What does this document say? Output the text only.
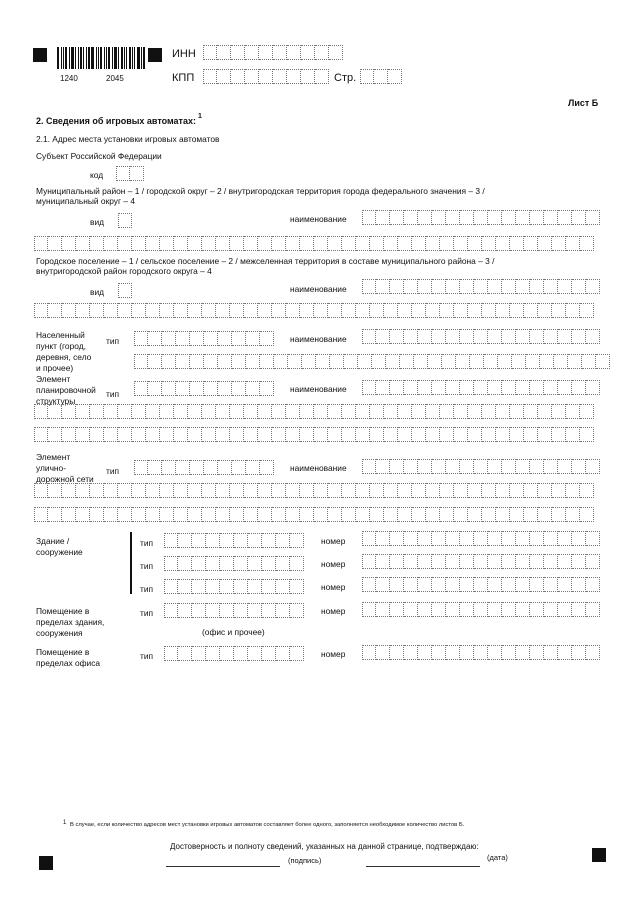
1240	2045
ИНН
КПП	Стр.
Лист Б
2. Сведения об игровых автоматах: 1
2.1. Адрес места установки игровых автоматов
Субъект Российской Федерации
код
Муниципальный район – 1 / городской округ – 2 / внутригородская территория города федерального значения – 3 /
муниципальный округ – 4
вид	наименование
Городское поселение – 1 / сельское поселение – 2 / межселенная территория в составе муниципального района – 3 /
внутригородской район городского округа – 4
вид	наименование
Населенный
пункт (город,
деревня, село
и прочее)
тип	наименование
Элемент
планировочной
структуры
тип	наименование
Элемент
улично-
дорожной сети
тип	наименование
Здание /
сооружение
тип	номер
тип	номер
тип	номер
Помещение в
пределах здания,
сооружения
тип	номер
(офис и прочее)
Помещение в
пределах офиса
тип	номер
1 В случае, если количество адресов мест установки игровых автоматов составляет более одного, заполняется необходимое количество листов Б.
Достоверность и полноту сведений, указанных на данной странице, подтверждаю:
(подпись)	(дата)
